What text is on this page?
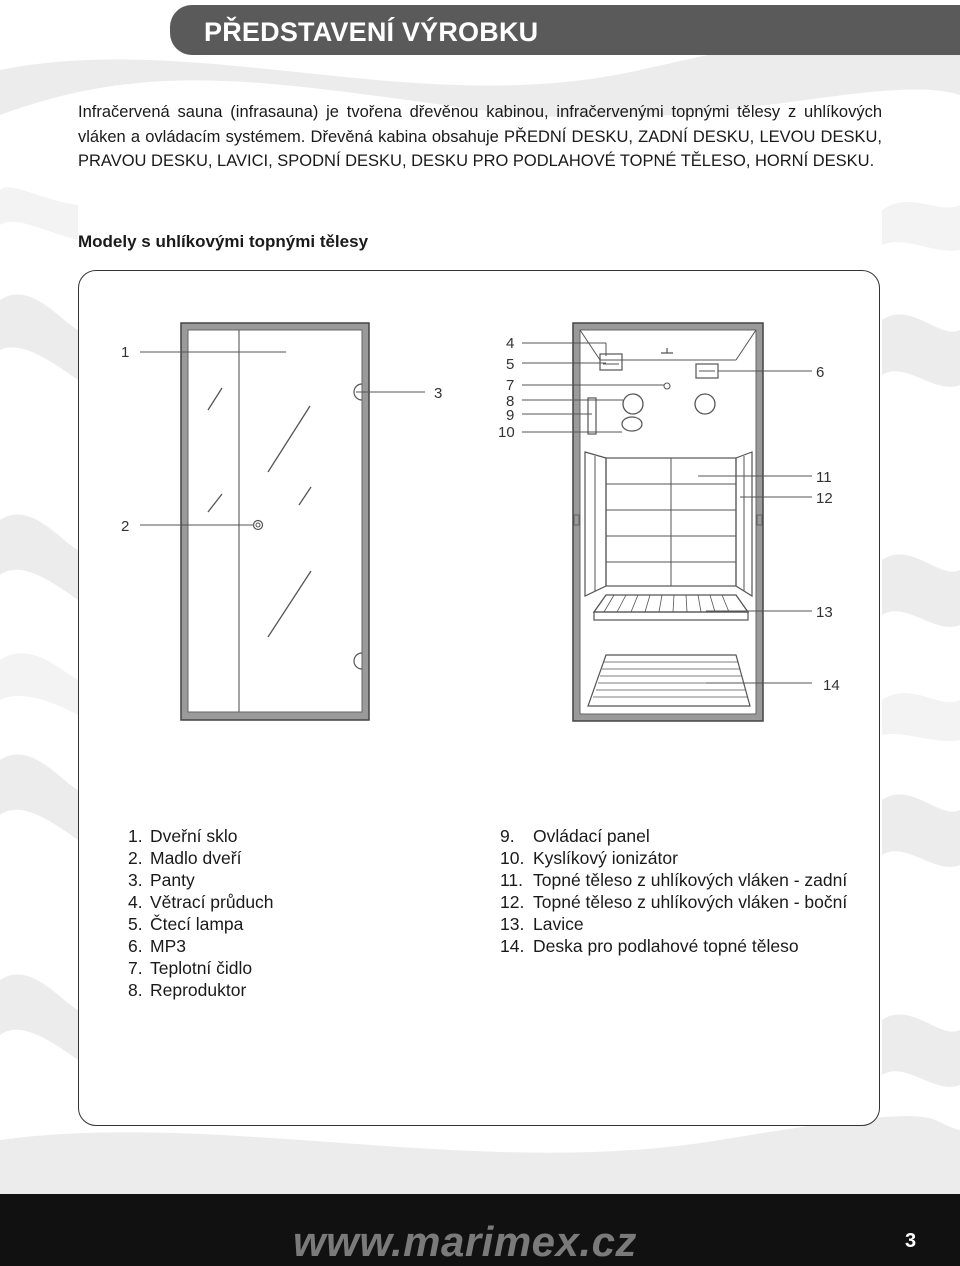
PŘEDSTAVENÍ VÝROBKU

Infračervená sauna (infrasauna) je tvořena dřevěnou kabinou, infračervenými topnými tělesy z uhlíkových vláken a ovládacím systémem. Dřevěná kabina obsahuje PŘEDNÍ DESKU, ZADNÍ DESKU, LEVOU DESKU, PRAVOU DESKU, LAVICI, SPODNÍ DESKU, DESKU PRO PODLAHOVÉ TOPNÉ TĚLESO, HORNÍ DESKU.

Modely s uhlíkovými topnými tělesy
1
2
3
4
5	6
7
8
9
10
11
12
13
14
1. Dveřní sklo
2. Madlo dveří
3. Panty
4. Větrací průduch
5. Čtecí lampa
6. MP3
7. Teplotní čidlo
8. Reproduktor
9.	Ovládací panel
10. Kyslíkový ionizátor
11. Topné těleso z uhlíkových vláken - zadní
12. Topné těleso z uhlíkových vláken - boční
13. Lavice
14. Deska pro podlahové topné těleso
www.marimex.cz	3
